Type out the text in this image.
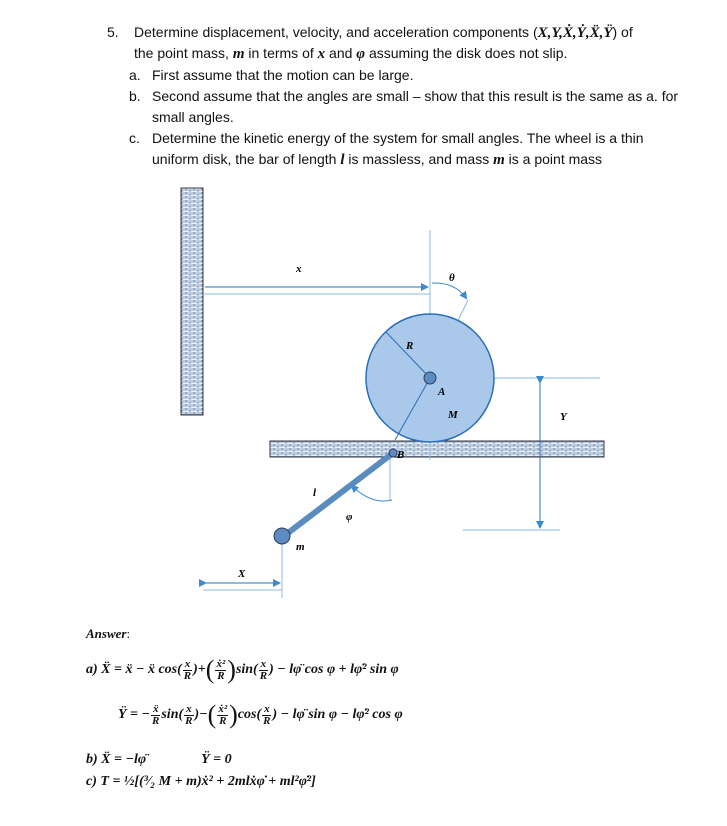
5. Determine displacement, velocity, and acceleration components (X,Y,Ẋ,Ẏ,Ẍ,Ÿ) of
the point mass, m in terms of x and φ assuming the disk does not slip.
a. First assume that the motion can be large.
b. Second assume that the angles are small – show that this result is the same as a. for
small angles.
c. Determine the kinetic energy of the system for small angles. The wheel is a thin
uniform disk, the bar of length l is massless, and mass m is a point mass
x
θ
R
A
M
B
Y
l
φ
m
X
Answer:
a) Ẍ = ẍ − ẍ $\cos( \frac{x}{R}$ )+( $\frac{\text{ẋ²}}{R} )\sin( \frac{x}{R}$ ) − lφ̈ cos φ + lφ̇² sin φ
Ÿ = − $\frac{\text{ẍ}}{R} \sin( \frac{x}{R}$ )−( $\frac{\text{ẋ²}}{R} )\cos( \frac{x}{R}$ ) − lφ̈ sin φ − lφ̇² cos φ
b) Ẍ = −lφ̈	Ÿ = 0
c) T = ½[(³⁄₂ M + m)ẋ² + 2mlẋφ̇ + ml²φ̇²]
